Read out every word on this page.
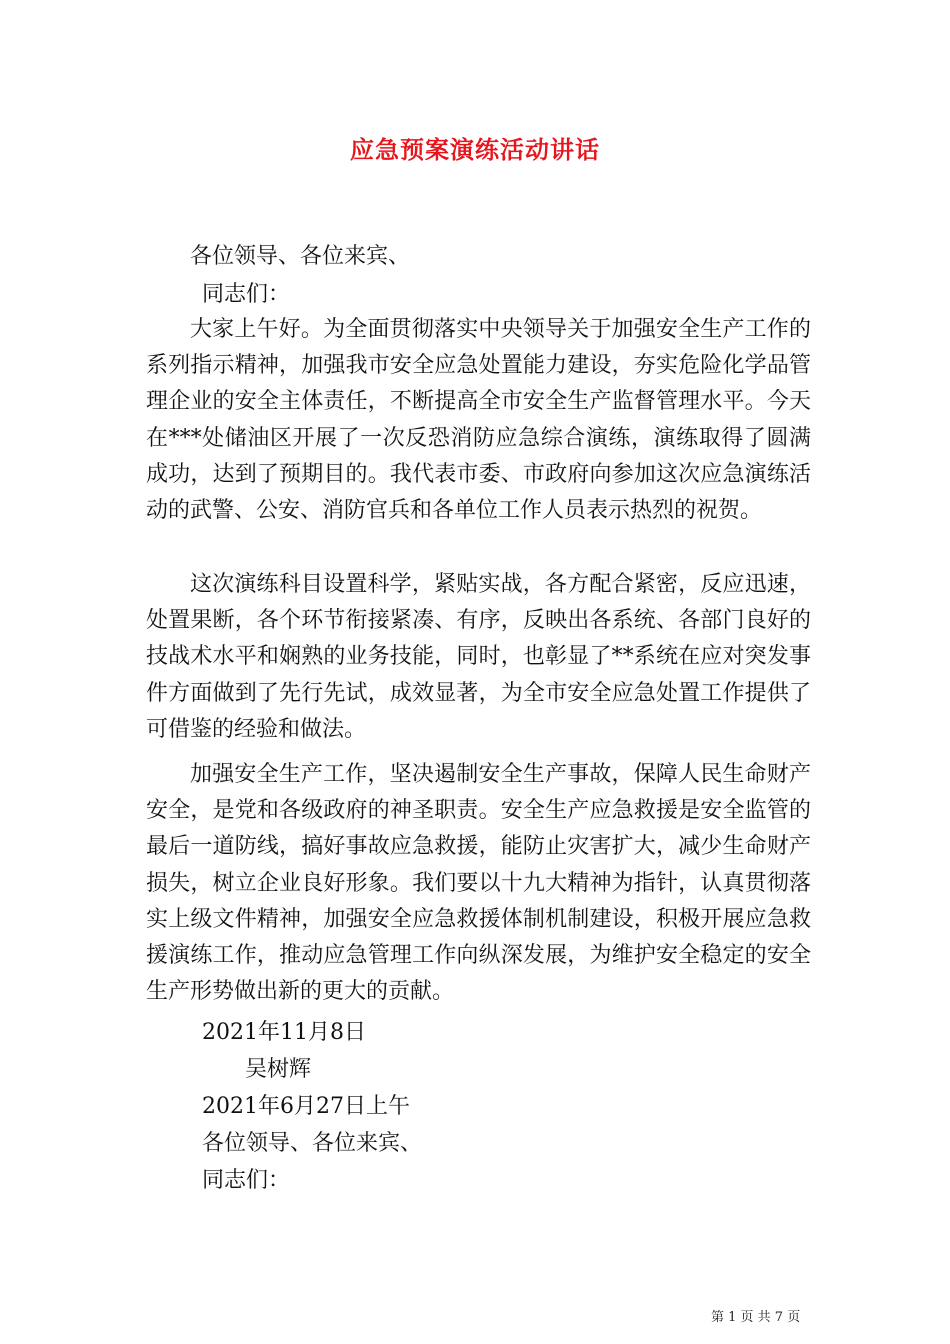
应急预案演练活动讲话
各位领导、各位来宾、
同志们：

大家上午好。为全面贯彻落实中央领导关于加强安全生产工作的系列指示精神，加强我市安全应急处置能力建设，夯实危险化学品管理企业的安全主体责任，不断提高全市安全生产监督管理水平。今天在***处储油区开展了一次反恐消防应急综合演练，演练取得了圆满成功，达到了预期目的。我代表市委、市政府向参加这次应急演练活动的武警、公安、消防官兵和各单位工作人员表示热烈的祝贺。

这次演练科目设置科学，紧贴实战，各方配合紧密，反应迅速，处置果断，各个环节衔接紧凑、有序，反映出各系统、各部门良好的技战术水平和娴熟的业务技能，同时，也彰显了**系统在应对突发事件方面做到了先行先试，成效显著，为全市安全应急处置工作提供了可借鉴的经验和做法。

加强安全生产工作，坚决遏制安全生产事故，保障人民生命财产安全，是党和各级政府的神圣职责。安全生产应急救援是安全监管的最后一道防线，搞好事故应急救援，能防止灾害扩大，减少生命财产损失，树立企业良好形象。我们要以十九大精神为指针，认真贯彻落实上级文件精神，加强安全应急救援体制机制建设，积极开展应急救援演练工作，推动应急管理工作向纵深发展，为维护安全稳定的安全生产形势做出新的更大的贡献。

2021年11月8日
吴树辉
2021年6月27日上午
各位领导、各位来宾、
同志们：
第 1 页 共 7 页
